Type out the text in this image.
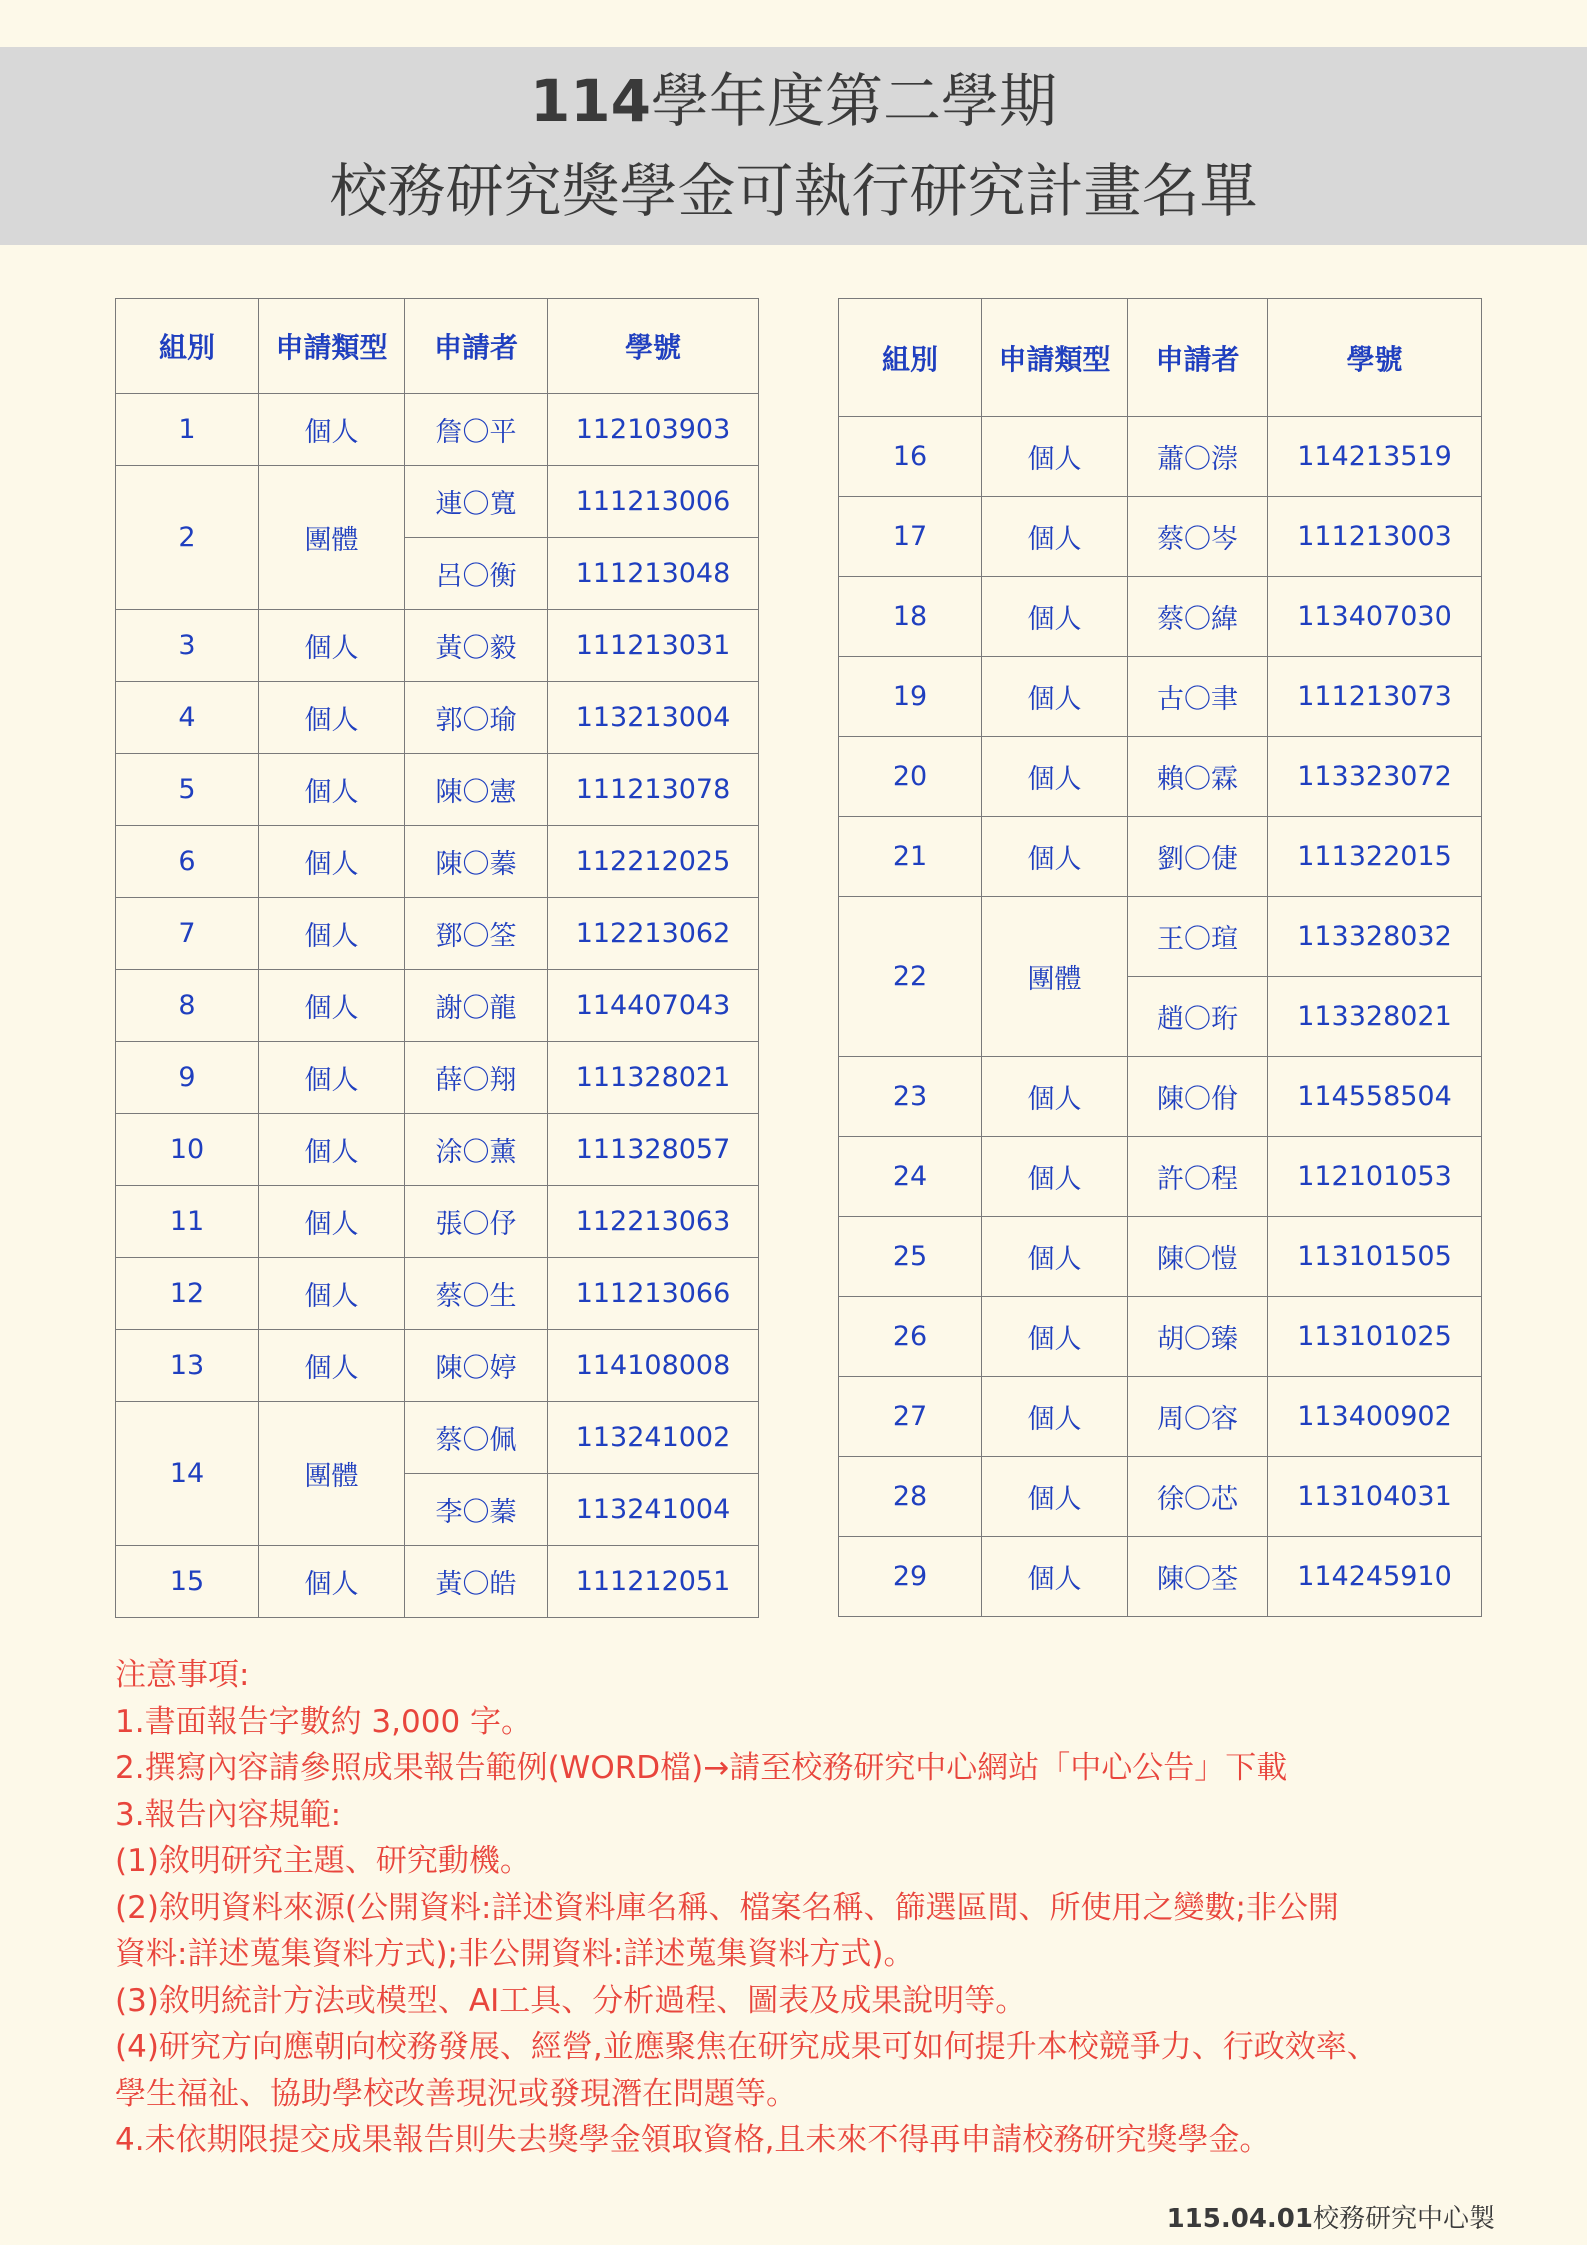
114學年度第二學期
校務研究獎學金可執行研究計畫名單
組別	申請類型	申請者	學號
1	個人	詹〇平	112103903
2	團體	連〇寬	111213006
		呂〇衡	111213048
3	個人	黃〇毅	111213031
4	個人	郭〇瑜	113213004
5	個人	陳〇憲	111213078
6	個人	陳〇蓁	112212025
7	個人	鄧〇筌	112213062
8	個人	謝〇龍	114407043
9	個人	薛〇翔	111328021
10	個人	涂〇薰	111328057
11	個人	張〇伃	112213063
12	個人	蔡〇生	111213066
13	個人	陳〇婷	114108008
14	團體	蔡〇佩	113241002
		李〇蓁	113241004
15	個人	黃〇皓	111212051
組別	申請類型	申請者	學號
16	個人	蕭〇漴	114213519
17	個人	蔡〇岑	111213003
18	個人	蔡〇緯	113407030
19	個人	古〇聿	111213073
20	個人	賴〇霖	113323072
21	個人	劉〇倢	111322015
22	團體	王〇瑄	113328032
		趙〇珩	113328021
23	個人	陳〇佾	114558504
24	個人	許〇程	112101053
25	個人	陳〇愷	113101505
26	個人	胡〇臻	113101025
27	個人	周〇容	113400902
28	個人	徐〇芯	113104031
29	個人	陳〇荃	114245910
注意事項:
1.書面報告字數約 3,000 字。
2.撰寫內容請參照成果報告範例(WORD檔)→請至校務研究中心網站「中心公告」下載
3.報告內容規範:
(1)敘明研究主題、研究動機。
(2)敘明資料來源(公開資料:詳述資料庫名稱、檔案名稱、篩選區間、所使用之變數;非公開
資料:詳述蒐集資料方式);非公開資料:詳述蒐集資料方式)。
(3)敘明統計方法或模型、AI工具、分析過程、圖表及成果說明等。
(4)研究方向應朝向校務發展、經營,並應聚焦在研究成果可如何提升本校競爭力、行政效率、
學生福祉、協助學校改善現況或發現潛在問題等。
4.未依期限提交成果報告則失去獎學金領取資格,且未來不得再申請校務研究獎學金。
115.04.01校務研究中心製
